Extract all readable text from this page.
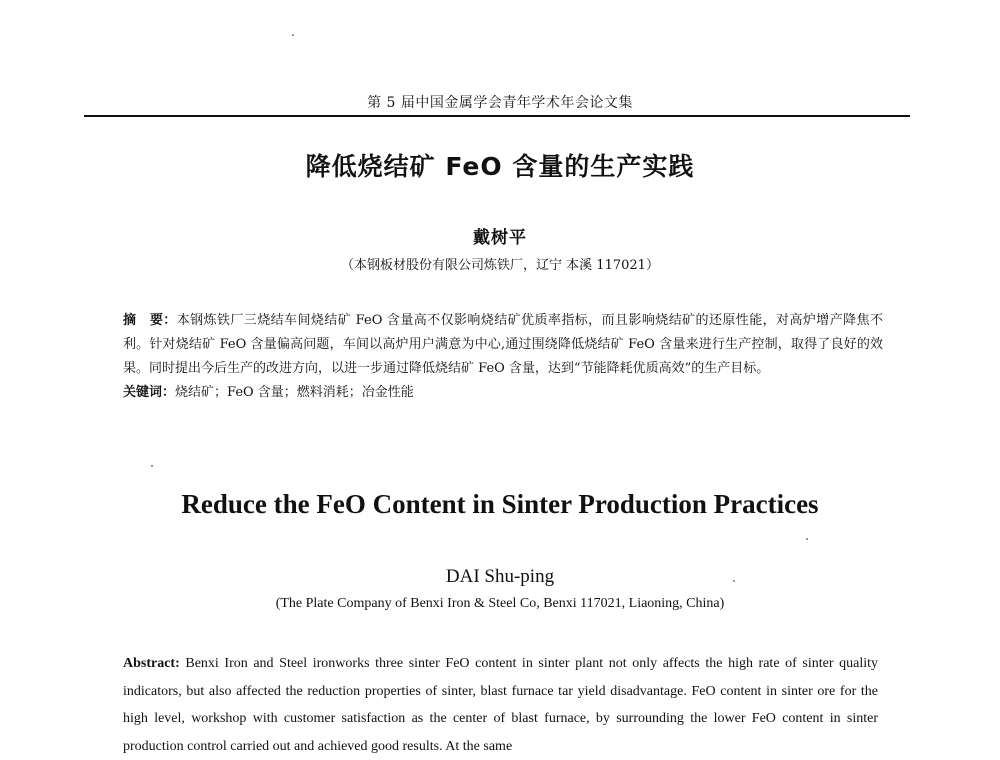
第 5 届中国金属学会青年学术年会论文集
降低烧结矿 FeO 含量的生产实践
戴树平
（本钢板材股份有限公司炼铁厂，辽宁 本溪 117021）

摘　要：本钢炼铁厂三烧结车间烧结矿 FeO 含量高不仅影响烧结矿优质率指标，而且影响烧结矿的还原性能，对高炉增产降焦不利。针对烧结矿 FeO 含量偏高问题，车间以高炉用户满意为中心,通过围绕降低烧结矿 FeO 含量来进行生产控制，取得了良好的效果。同时提出今后生产的改进方向，以进一步通过降低烧结矿 FeO 含量，达到“节能降耗优质高效”的生产目标。

关键词：烧结矿；FeO 含量；燃料消耗；冶金性能

Reduce the FeO Content in Sinter Production Practices
DAI Shu-ping
(The Plate Company of Benxi Iron & Steel Co, Benxi 117021, Liaoning, China)

Abstract: Benxi Iron and Steel ironworks three sinter FeO content in sinter plant not only affects the high rate of sinter quality indicators, but also affected the reduction properties of sinter, blast furnace tar yield disadvantage. FeO content in sinter ore for the high level, workshop with customer satisfaction as the center of blast furnace, by surrounding the lower FeO content in sinter production control carried out and achieved good results. At the same
